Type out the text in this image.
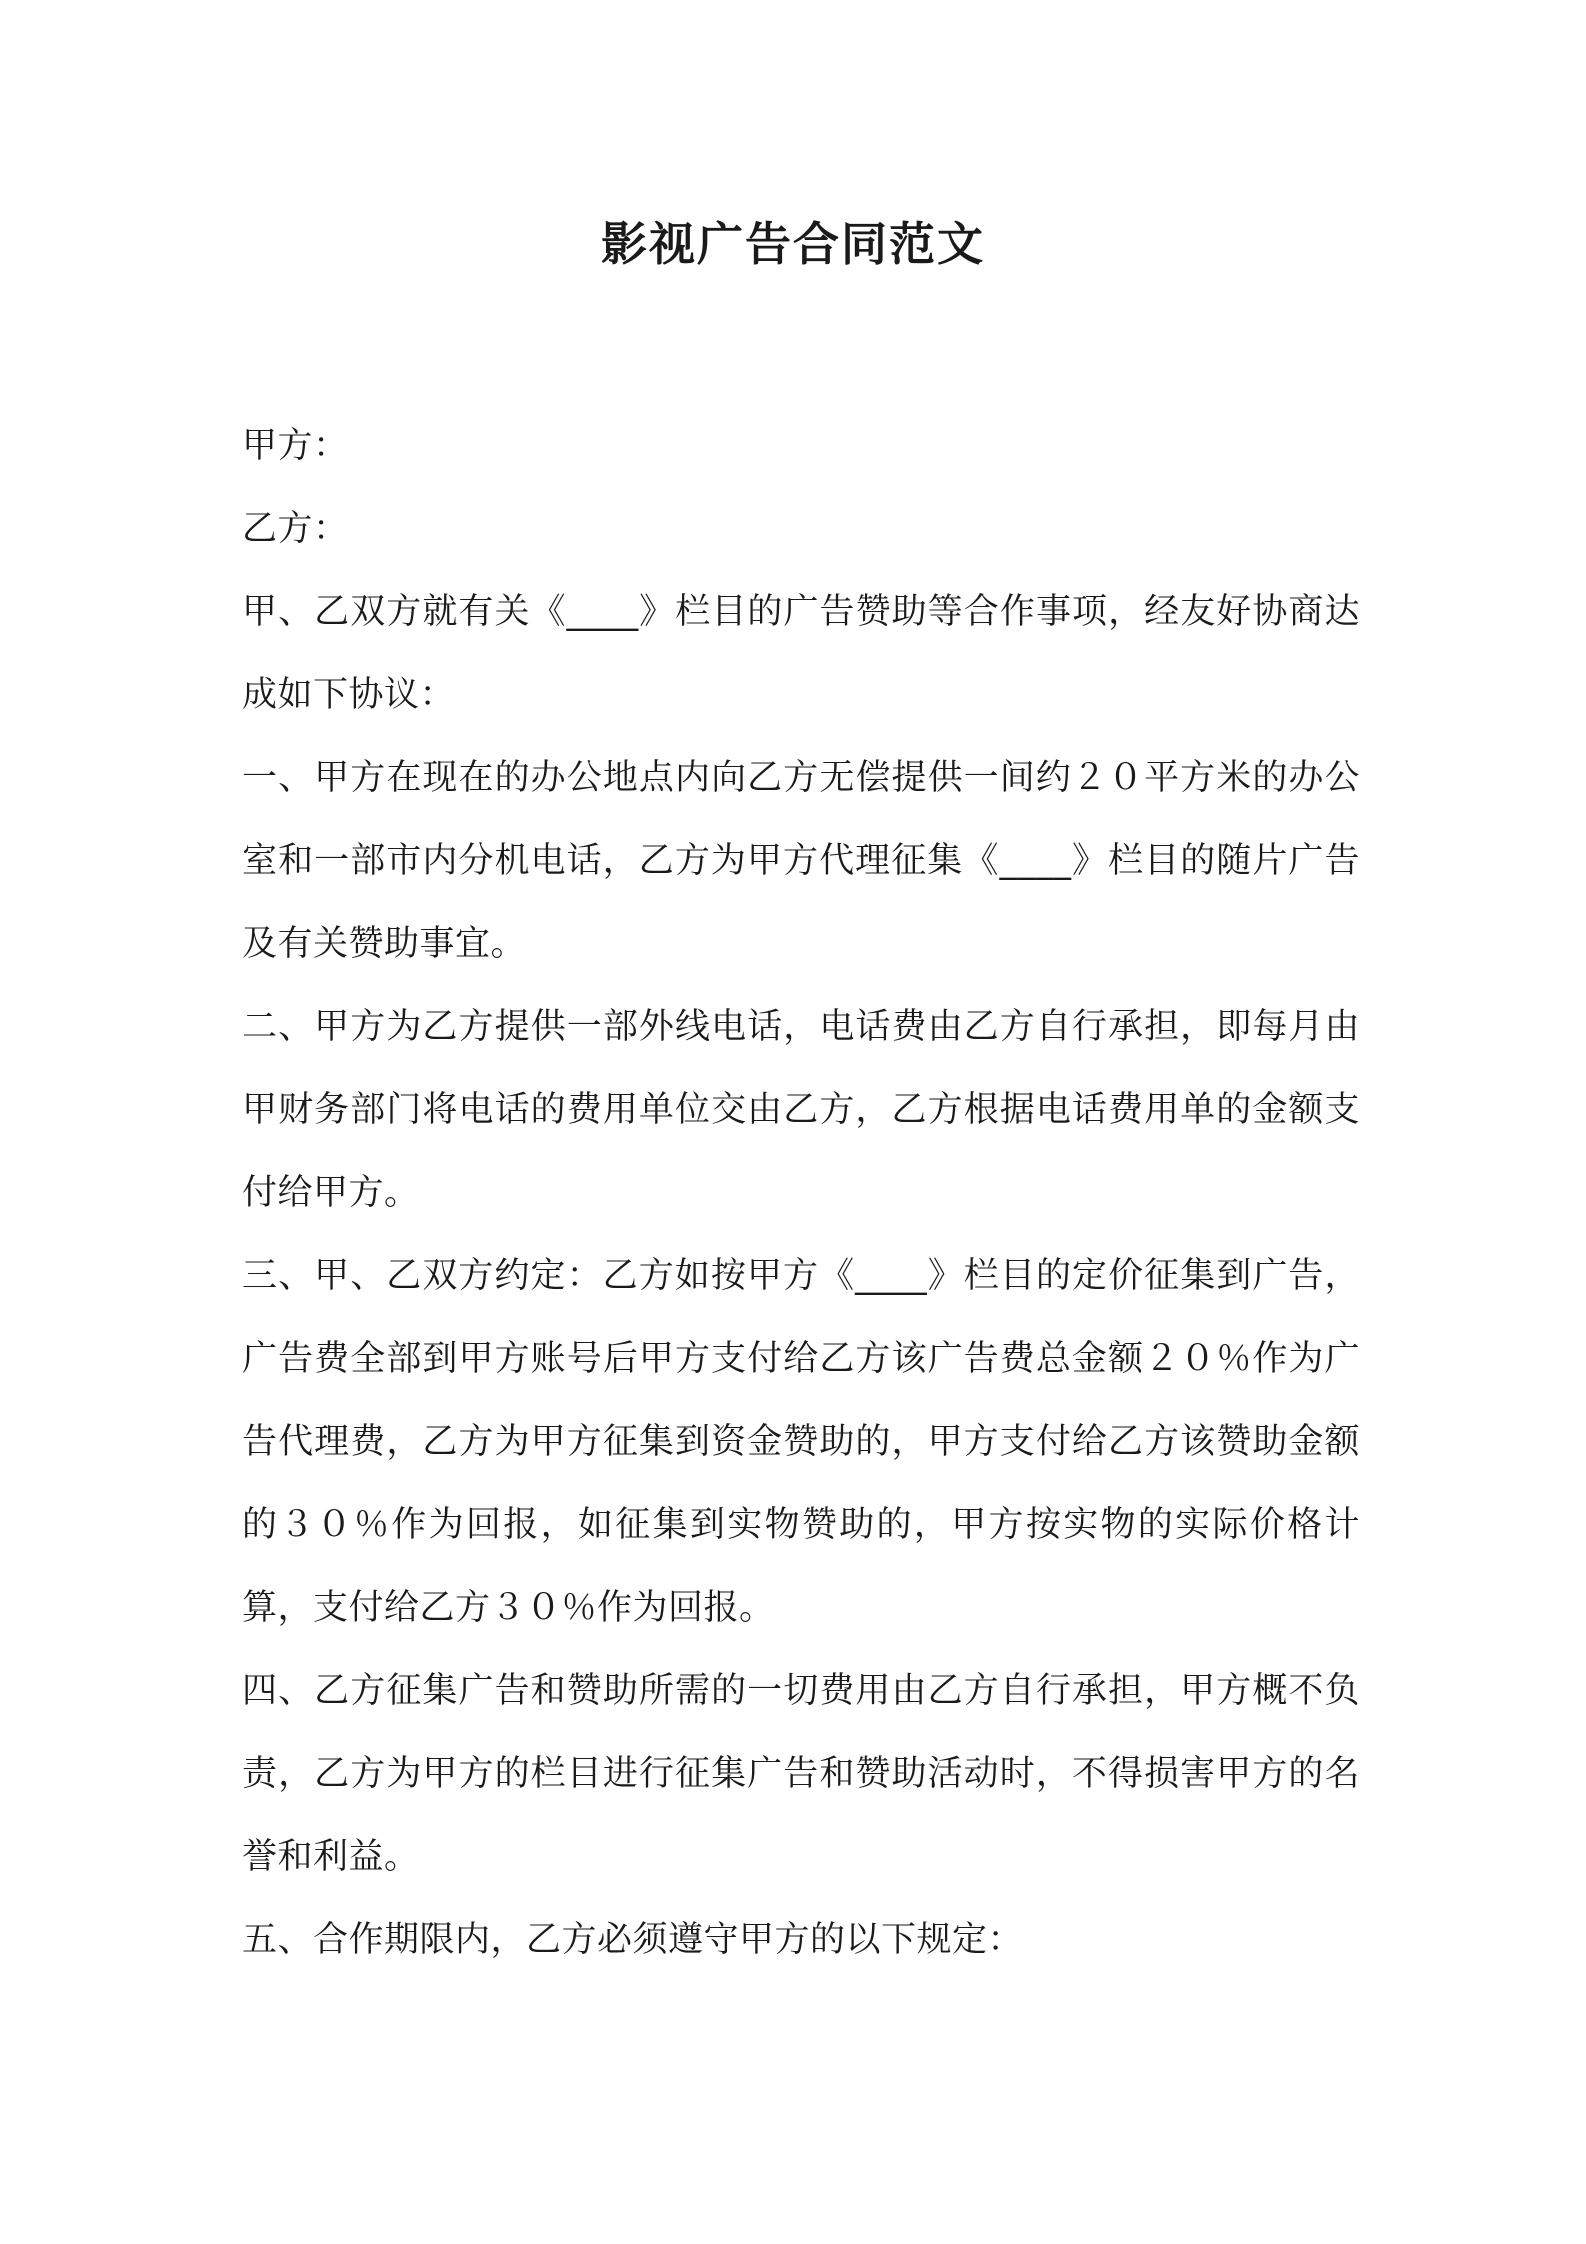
影视广告合同范文

甲方：

乙方：

甲、乙双方就有关《____》栏目的广告赞助等合作事项，经友好协商达成如下协议：

一、甲方在现在的办公地点内向乙方无偿提供一间约２０平方米的办公室和一部市内分机电话，乙方为甲方代理征集《____》栏目的随片广告及有关赞助事宜。

二、甲方为乙方提供一部外线电话，电话费由乙方自行承担，即每月由甲财务部门将电话的费用单位交由乙方，乙方根据电话费用单的金额支付给甲方。

三、甲、乙双方约定：乙方如按甲方《____》栏目的定价征集到广告，广告费全部到甲方账号后甲方支付给乙方该广告费总金额２０％作为广告代理费，乙方为甲方征集到资金赞助的，甲方支付给乙方该赞助金额的３０％作为回报，如征集到实物赞助的，甲方按实物的实际价格计算，支付给乙方３０％作为回报。

四、乙方征集广告和赞助所需的一切费用由乙方自行承担，甲方概不负责，乙方为甲方的栏目进行征集广告和赞助活动时，不得损害甲方的名誉和利益。

五、合作期限内，乙方必须遵守甲方的以下规定：
